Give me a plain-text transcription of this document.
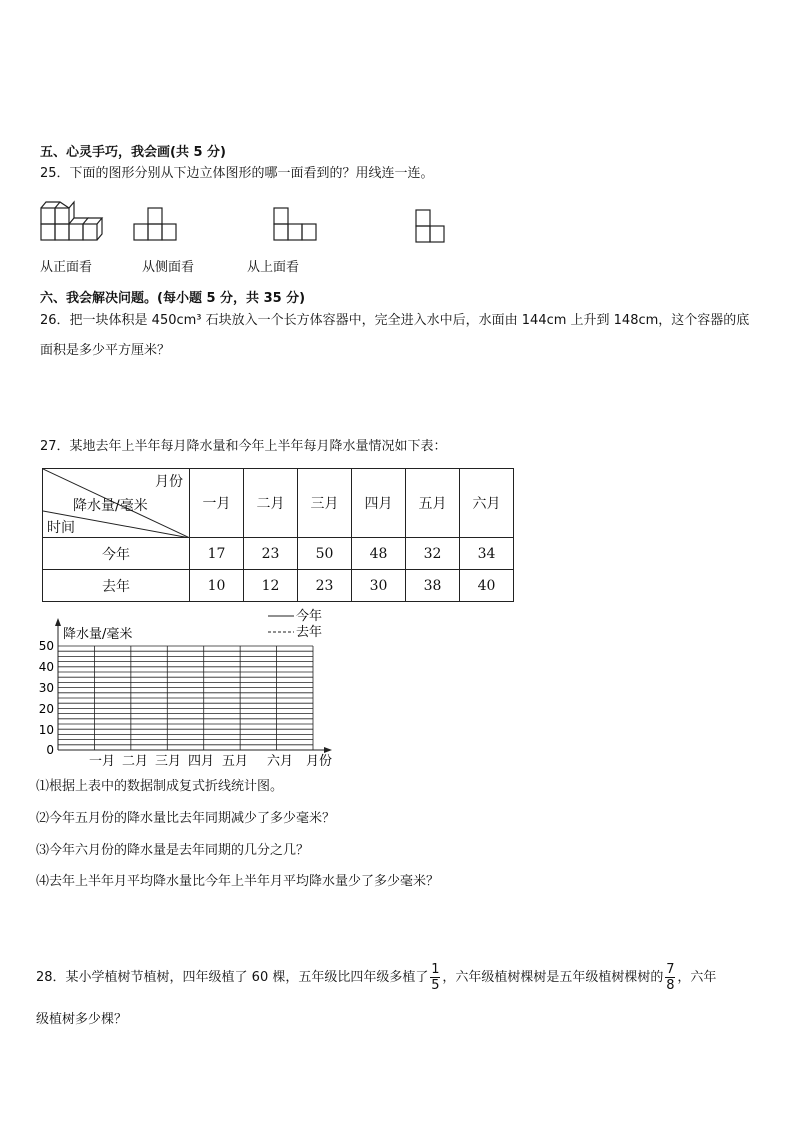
五、心灵手巧，我会画(共 5 分)
25．下面的图形分别从下边立体图形的哪一面看到的？用线连一连。
从正面看	从侧面看	从上面看
六、我会解决问题。(每小题 5 分，共 35 分)
26．把一块体积是 450cm³ 石块放入一个长方体容器中，完全进入水中后，水面由 144cm 上升到 148cm，这个容器的底
面积是多少平方厘米？
27．某地去年上半年每月降水量和今年上半年每月降水量情况如下表：
月份
降水量/毫米
时间	一月	二月	三月	四月	五月	六月
今年	17	23	50	48	32	34
去年	10	12	23	30	38	40
今年
去年
降水量/毫米
50
40
30
20
10
0
一月 二月 三月 四月 五月 六月 月份
⑴根据上表中的数据制成复式折线统计图。
⑵今年五月份的降水量比去年同期减少了多少毫米？
⑶今年六月份的降水量是去年同期的几分之几？
⑷去年上半年月平均降水量比今年上半年月平均降水量少了多少毫米？
28．某小学植树节植树，四年级植了 60 棵，五年级比四年级多植了 $\frac{1}{5}$ ，六年级植树棵树是五年级植树棵树的 $\frac{7}{8}$ ，六年
级植树多少棵？
